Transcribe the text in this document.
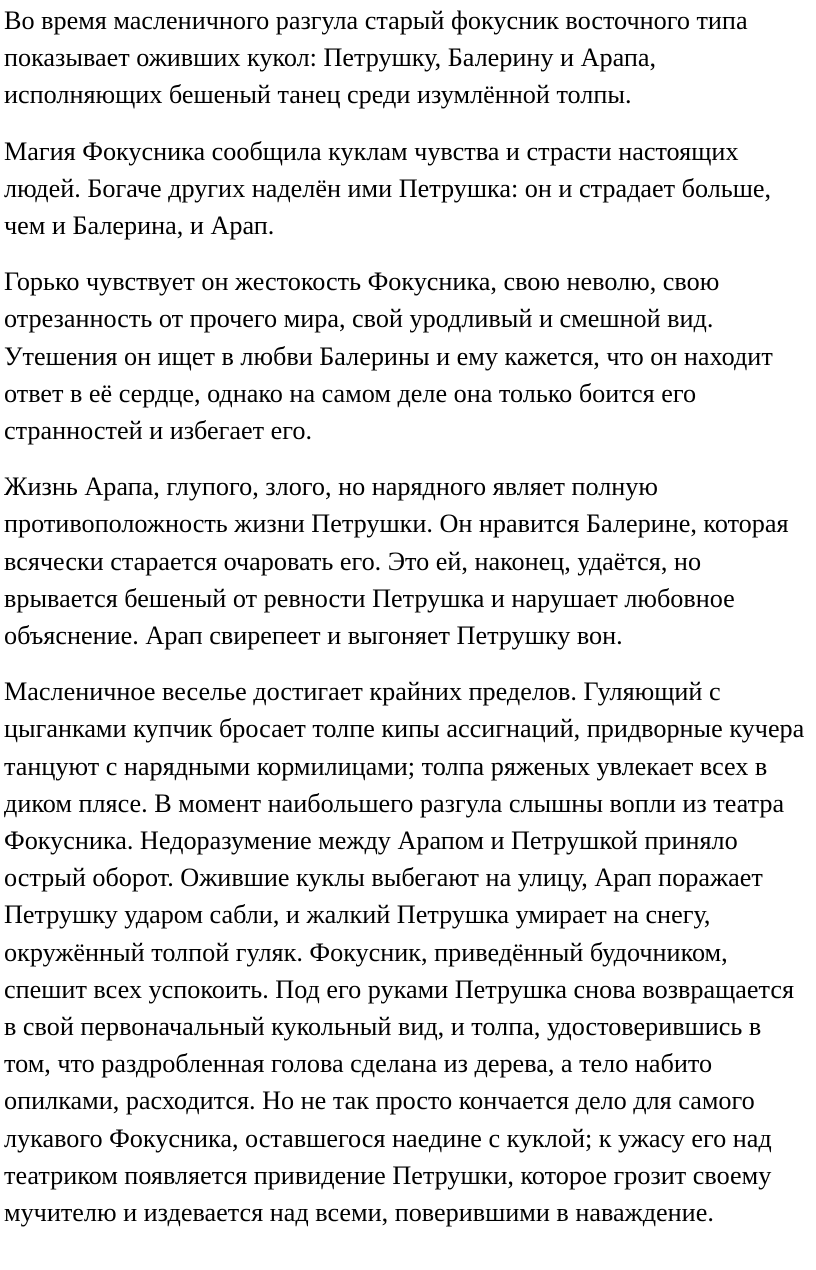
Во время масленичного разгула старый фокусник восточного типа показывает оживших кукол: Петрушку, Балерину и Арапа, исполняющих бешеный танец среди изумлённой толпы.

Магия Фокусника сообщила куклам чувства и страсти настоящих людей. Богаче других наделён ими Петрушка: он и страдает больше, чем и Балерина, и Арап.

Горько чувствует он жестокость Фокусника, свою неволю, свою отрезанность от прочего мира, свой уродливый и смешной вид. Утешения он ищет в любви Балерины и ему кажется, что он находит ответ в её сердце, однако на самом деле она только боится его странностей и избегает его.

Жизнь Арапа, глупого, злого, но нарядного являет полную противоположность жизни Петрушки. Он нравится Балерине, которая всячески старается очаровать его. Это ей, наконец, удаётся, но врывается бешеный от ревности Петрушка и нарушает любовное объяснение. Арап свирепеет и выгоняет Петрушку вон.

Масленичное веселье достигает крайних пределов. Гуляющий с цыганками купчик бросает толпе кипы ассигнаций, придворные кучера танцуют с нарядными кормилицами; толпа ряженых увлекает всех в диком плясе. В момент наибольшего разгула слышны вопли из театра Фокусника. Недоразумение между Арапом и Петрушкой приняло острый оборот. Ожившие куклы выбегают на улицу, Арап поражает Петрушку ударом сабли, и жалкий Петрушка умирает на снегу, окружённый толпой гуляк. Фокусник, приведённый будочником, спешит всех успокоить. Под его руками Петрушка снова возвращается в свой первоначальный кукольный вид, и толпа, удостоверившись в том, что раздробленная голова сделана из дерева, а тело набито опилками, расходится. Но не так просто кончается дело для самого лукавого Фокусника, оставшегося наедине с куклой; к ужасу его над театриком появляется привидение Петрушки, которое грозит своему мучителю и издевается над всеми, поверившими в наваждение.
